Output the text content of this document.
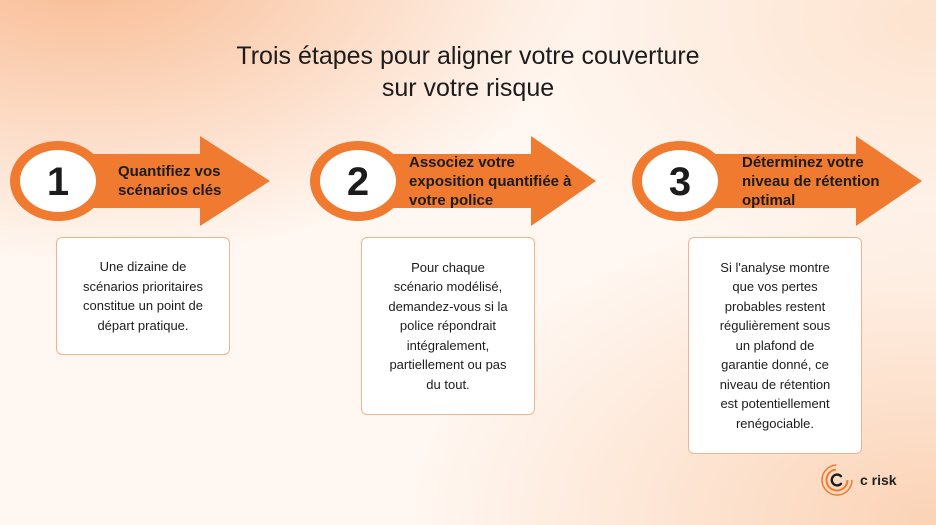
Trois étapes pour aligner votre couverture
sur votre risque
1	Quantifiez vos
scénarios clés	2	Associez votre
exposition quantifiée à
votre police	3	Déterminez votre
niveau de rétention
optimal
Une dizaine de
scénarios prioritaires
constitue un point de
départ pratique.
Pour chaque
scénario modélisé,
demandez-vous si la
police répondrait
intégralement,
partiellement ou pas
du tout.
Si l'analyse montre
que vos pertes
probables restent
régulièrement sous
un plafond de
garantie donné, ce
niveau de rétention
est potentiellement
renégociable.
c risk
